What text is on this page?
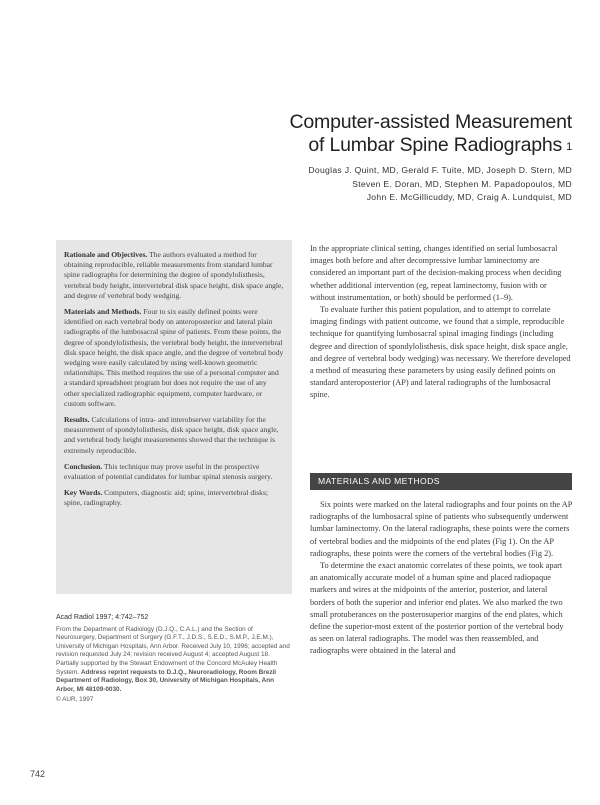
Computer-assisted Measurement
of Lumbar Spine Radiographs $^1$
Douglas J. Quint, MD, Gerald F. Tuite, MD, Joseph D. Stern, MD
Steven E. Doran, MD, Stephen M. Papadopoulos, MD
John E. McGillicuddy, MD, Craig A. Lundquist, MD

Rationale and Objectives. The authors evaluated a method for obtaining reproducible, reliable measurements from standard lumbar spine radiographs for determining the degree of spondylolisthesis, vertebral body height, intervertebral disk space height, disk space angle, and degree of vertebral body wedging.

Materials and Methods. Four to six easily defined points were identified on each vertebral body on anteroposterior and lateral plain radiographs of the lumbosacral spine of patients. From these points, the degree of spondylolisthesis, the vertebral body height, the intervertebral disk space height, the disk space angle, and the degree of vertebral body wedging were easily calculated by using well-known geometric relationships. This method requires the use of a personal computer and a standard spreadsheet program but does not require the use of any other specialized radiographic equipment, computer hardware, or custom software.

Results. Calculations of intra- and interobserver variability for the measurement of spondylolisthesis, disk space height, disk space angle, and vertebral body height measurements showed that the technique is extremely reproducible.

Conclusion. This technique may prove useful in the prospective evaluation of potential candidates for lumbar spinal stenosis surgery.

Key Words. Computers, diagnostic aid; spine, intervertebral disks; spine, radiography.

Acad Radiol 1997; 4:742–752

From the Department of Radiology (D.J.Q., C.A.L.) and the Section of Neurosurgery, Department of Surgery (G.F.T., J.D.S., S.E.D., S.M.P., J.E.M.), University of Michigan Hospitals, Ann Arbor. Received July 10, 1996; accepted and revision requested July 24; revision received August 4; accepted August 18. Partially supported by the Stewart Endowment of the Concord McAuley Health System. Address reprint requests to D.J.Q., Neuroradiology, Room Brezil Department of Radiology, Box 30, University of Michigan Hospitals, Ann Arbor, MI 48109-0030.

© AUR, 1997

In the appropriate clinical setting, changes identified on serial lumbosacral images both before and after decompressive lumbar laminectomy are considered an important part of the decision-making process when deciding whether additional intervention (eg, repeat laminectomy, fusion with or without instrumentation, or both) should be performed (1–9).

To evaluate further this patient population, and to attempt to correlate imaging findings with patient outcome, we found that a simple, reproducible technique for quantifying lumbosacral spinal imaging findings (including degree and direction of spondylolisthesis, disk space height, disk space angle, and degree of vertebral body wedging) was necessary. We therefore developed a method of measuring these parameters by using easily defined points on standard anteroposterior (AP) and lateral radiographs of the lumbosacral spine.

MATERIALS AND METHODS

Six points were marked on the lateral radiographs and four points on the AP radiographs of the lumbosacral spine of patients who subsequently underwent lumbar laminectomy. On the lateral radiographs, these points were the corners of vertebral bodies and the midpoints of the end plates (Fig 1). On the AP radiographs, these points were the corners of the vertebral bodies (Fig 2).

To determine the exact anatomic correlates of these points, we took apart an anatomically accurate model of a human spine and placed radiopaque markers and wires at the midpoints of the anterior, posterior, and lateral borders of both the superior and inferior end plates. We also marked the two small protuberances on the posterosuperior margins of the end plates, which define the superior-most extent of the posterior portion of the vertebral body as seen on lateral radiographs. The model was then reassembled, and radiographs were obtained in the lateral and

742
